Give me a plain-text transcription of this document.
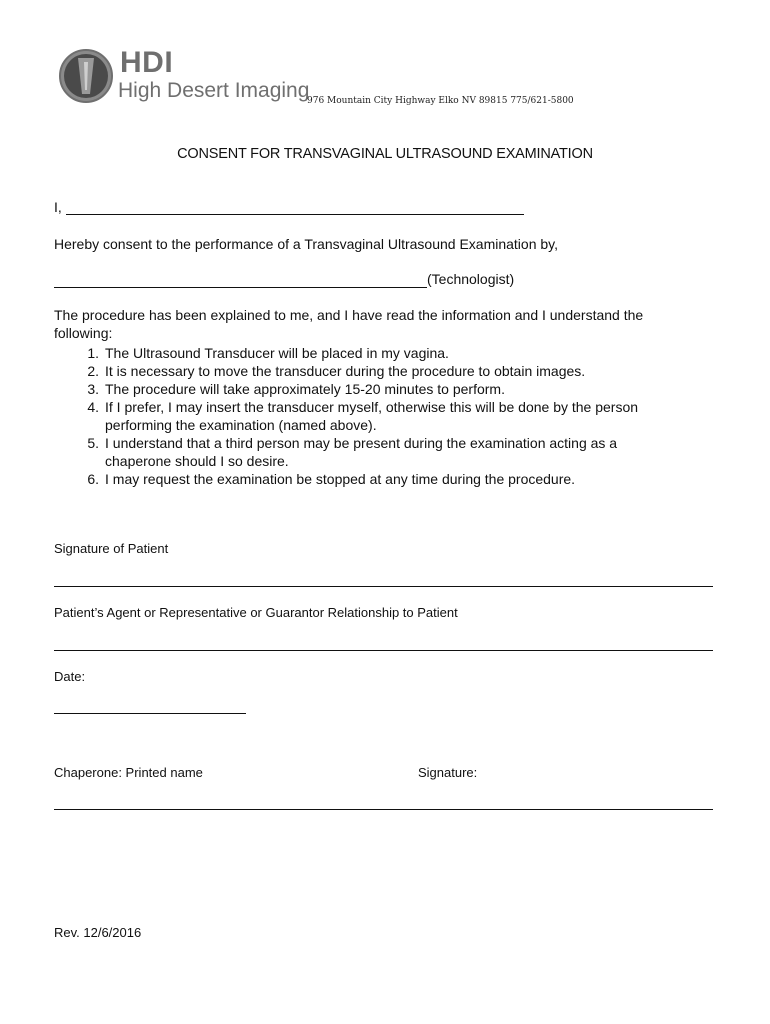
HDI
High Desert Imaging
976 Mountain City Highway Elko NV 89815 775/621-5800
CONSENT FOR TRANSVAGINAL ULTRASOUND EXAMINATION
I,
Hereby consent to the performance of a Transvaginal Ultrasound Examination by,
(Technologist)
The procedure has been explained to me, and I have read the information and I understand the
following:
1. The Ultrasound Transducer will be placed in my vagina.
2. It is necessary to move the transducer during the procedure to obtain images.
3. The procedure will take approximately 15-20 minutes to perform.
4. If I prefer, I may insert the transducer myself, otherwise this will be done by the person
performing the examination (named above).
5. I understand that a third person may be present during the examination acting as a
chaperone should I so desire.
6. I may request the examination be stopped at any time during the procedure.
Signature of Patient
Patient’s Agent or Representative or Guarantor Relationship to Patient
Date:
Chaperone: Printed name	Signature:
Rev. 12/6/2016
